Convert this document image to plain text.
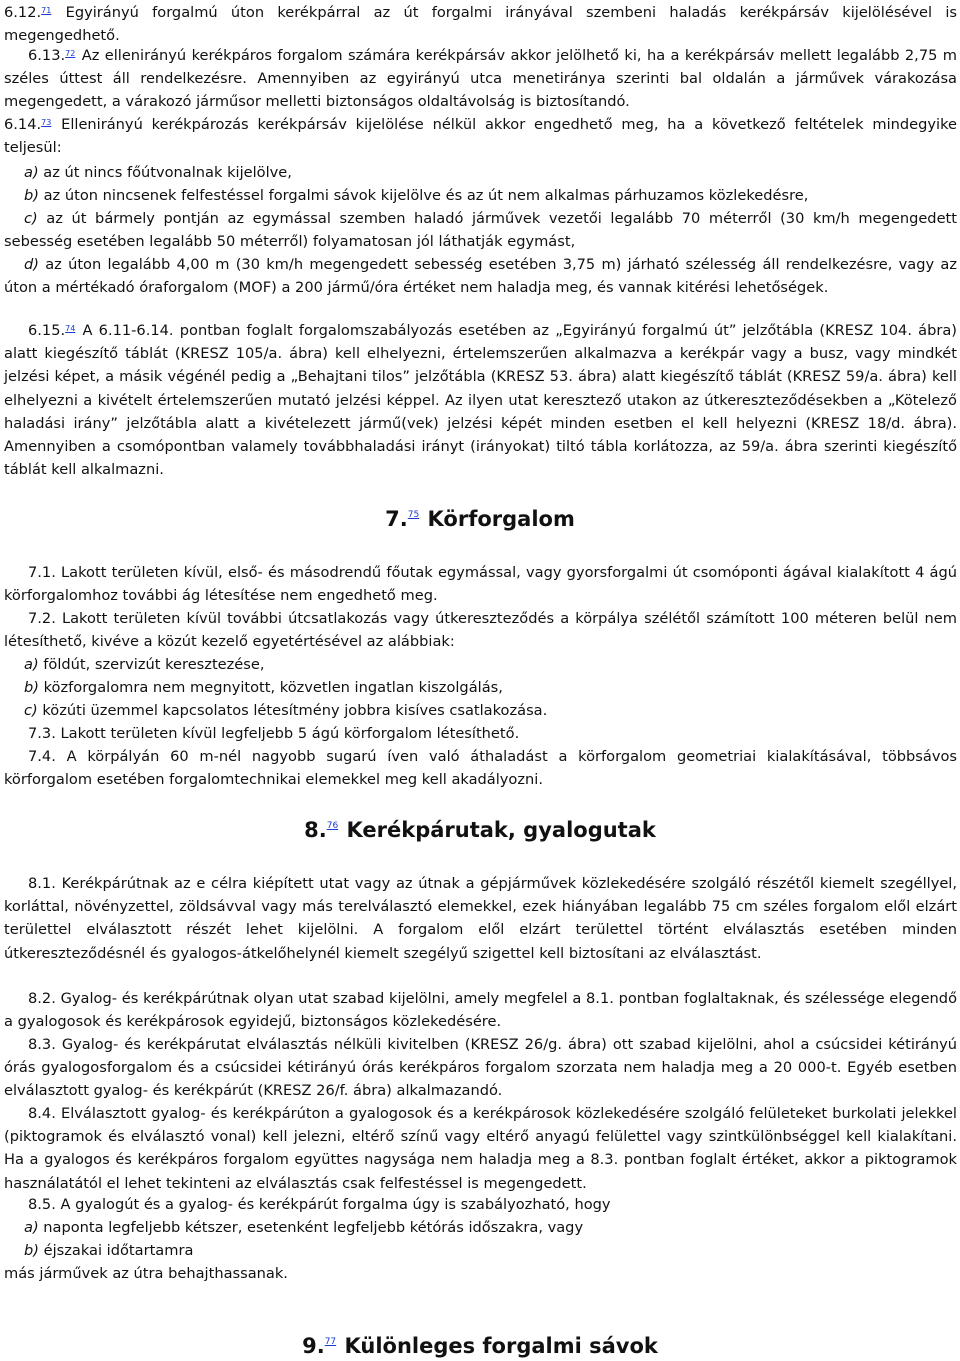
6.12.71 Egyirányú forgalmú úton kerékpárral az út forgalmi irányával szembeni haladás kerékpársáv kijelölésével is megengedhető.

6.13.72 Az ellenirányú kerékpáros forgalom számára kerékpársáv akkor jelölhető ki, ha a kerékpársáv mellett legalább 2,75 m széles úttest áll rendelkezésre. Amennyiben az egyirányú utca menetiránya szerinti bal oldalán a járművek várakozása megengedett, a várakozó járműsor melletti biztonságos oldaltávolság is biztosítandó.

6.14.73 Ellenirányú kerékpározás kerékpársáv kijelölése nélkül akkor engedhető meg, ha a következő feltételek mindegyike teljesül:

a) az út nincs főútvonalnak kijelölve,

b) az úton nincsenek felfestéssel forgalmi sávok kijelölve és az út nem alkalmas párhuzamos közlekedésre,

c) az út bármely pontján az egymással szemben haladó járművek vezetői legalább 70 méterről (30 km/h megengedett sebesség esetében legalább 50 méterről) folyamatosan jól láthatják egymást,

d) az úton legalább 4,00 m (30 km/h megengedett sebesség esetében 3,75 m) járható szélesség áll rendelkezésre, vagy az úton a mértékadó óraforgalom (MOF) a 200 jármű/óra értéket nem haladja meg, és vannak kitérési lehetőségek.

6.15.74 A 6.11-6.14. pontban foglalt forgalomszabályozás esetében az „Egyirányú forgalmú út” jelzőtábla (KRESZ 104. ábra) alatt kiegészítő táblát (KRESZ 105/a. ábra) kell elhelyezni, értelemszerűen alkalmazva a kerékpár vagy a busz, vagy mindkét jelzési képet, a másik végénél pedig a „Behajtani tilos” jelzőtábla (KRESZ 53. ábra) alatt kiegészítő táblát (KRESZ 59/a. ábra) kell elhelyezni a kivételt értelemszerűen mutató jelzési képpel. Az ilyen utat keresztező utakon az útkereszteződésekben a „Kötelező haladási irány” jelzőtábla alatt a kivételezett jármű(vek) jelzési képét minden esetben el kell helyezni (KRESZ 18/d. ábra). Amennyiben a csomópontban valamely továbbhaladási irányt (irányokat) tiltó tábla korlátozza, az 59/a. ábra szerinti kiegészítő táblát kell alkalmazni.

7.75 Körforgalom

7.1. Lakott területen kívül, első- és másodrendű főutak egymással, vagy gyorsforgalmi út csomóponti ágával kialakított 4 ágú körforgalomhoz további ág létesítése nem engedhető meg.

7.2. Lakott területen kívül további útcsatlakozás vagy útkereszteződés a körpálya szélétől számított 100 méteren belül nem létesíthető, kivéve a közút kezelő egyetértésével az alábbiak:

a) földút, szervizút keresztezése,

b) közforgalomra nem megnyitott, közvetlen ingatlan kiszolgálás,

c) közúti üzemmel kapcsolatos létesítmény jobbra kisíves csatlakozása.

7.3. Lakott területen kívül legfeljebb 5 ágú körforgalom létesíthető.

7.4. A körpályán 60 m-nél nagyobb sugarú íven való áthaladást a körforgalom geometriai kialakításával, többsávos körforgalom esetében forgalomtechnikai elemekkel meg kell akadályozni.

8.76 Kerékpárutak, gyalogutak

8.1. Kerékpárútnak az e célra kiépített utat vagy az útnak a gépjárművek közlekedésére szolgáló részétől kiemelt szegéllyel, korláttal, növényzettel, zöldsávval vagy más terelválasztó elemekkel, ezek hiányában legalább 75 cm széles forgalom elől elzárt területtel elválasztott részét lehet kijelölni. A forgalom elől elzárt területtel történt elválasztás esetében minden útkereszteződésnél és gyalogos-átkelőhelynél kiemelt szegélyű szigettel kell biztosítani az elválasztást.

8.2. Gyalog- és kerékpárútnak olyan utat szabad kijelölni, amely megfelel a 8.1. pontban foglaltaknak, és szélessége elegendő a gyalogosok és kerékpárosok egyidejű, biztonságos közlekedésére.

8.3. Gyalog- és kerékpárutat elválasztás nélküli kivitelben (KRESZ 26/g. ábra) ott szabad kijelölni, ahol a csúcsidei kétirányú órás gyalogosforgalom és a csúcsidei kétirányú órás kerékpáros forgalom szorzata nem haladja meg a 20 000-t. Egyéb esetben elválasztott gyalog- és kerékpárút (KRESZ 26/f. ábra) alkalmazandó.

8.4. Elválasztott gyalog- és kerékpárúton a gyalogosok és a kerékpárosok közlekedésére szolgáló felületeket burkolati jelekkel (piktogramok és elválasztó vonal) kell jelezni, eltérő színű vagy eltérő anyagú felülettel vagy szintkülönbséggel kell kialakítani. Ha a gyalogos és kerékpáros forgalom együttes nagysága nem haladja meg a 8.3. pontban foglalt értéket, akkor a piktogramok használatától el lehet tekinteni az elválasztás csak felfestéssel is megengedett.

8.5. A gyalogút és a gyalog- és kerékpárút forgalma úgy is szabályozható, hogy

a) naponta legfeljebb kétszer, esetenként legfeljebb kétórás időszakra, vagy

b) éjszakai időtartamra

más járművek az útra behajthassanak.

9.77 Különleges forgalmi sávok
